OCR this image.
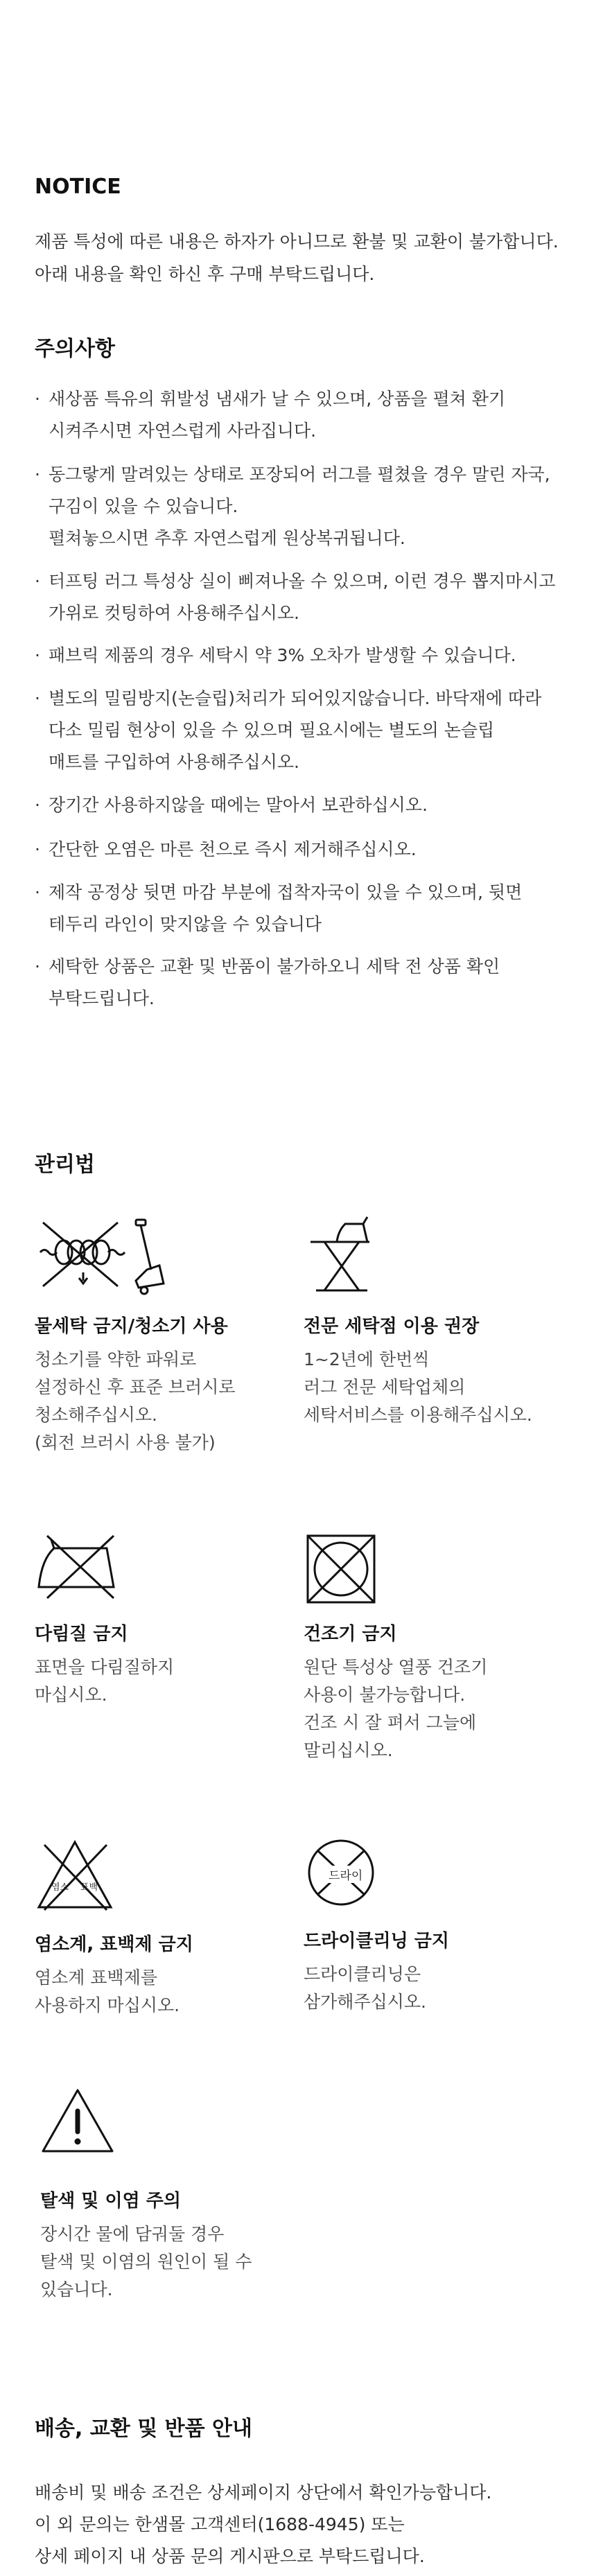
NOTICE

제품 특성에 따른 내용은 하자가 아니므로 환불 및 교환이 불가합니다.
아래 내용을 확인 하신 후 구매 부탁드립니다.

주의사항
· 새상품 특유의 휘발성 냄새가 날 수 있으며, 상품을 펼쳐 환기
시켜주시면 자연스럽게 사라집니다.
· 동그랗게 말려있는 상태로 포장되어 러그를 펼쳤을 경우 말린 자국,
구김이 있을 수 있습니다.
펼쳐놓으시면 추후 자연스럽게 원상복귀됩니다.
· 터프팅 러그 특성상 실이 삐져나올 수 있으며, 이런 경우 뽑지마시고
가위로 컷팅하여 사용해주십시오.
· 패브릭 제품의 경우 세탁시 약 3% 오차가 발생할 수 있습니다.
· 별도의 밀림방지(논슬립)처리가 되어있지않습니다. 바닥재에 따라
다소 밀림 현상이 있을 수 있으며 필요시에는 별도의 논슬립
매트를 구입하여 사용해주십시오.
· 장기간 사용하지않을 때에는 말아서 보관하십시오.
· 간단한 오염은 마른 천으로 즉시 제거해주십시오.
· 제작 공정상 뒷면 마감 부분에 접착자국이 있을 수 있으며, 뒷면
테두리 라인이 맞지않을 수 있습니다
· 세탁한 상품은 교환 및 반품이 불가하오니 세탁 전 상품 확인
부탁드립니다.
관리법

물세탁 금지/청소기 사용

청소기를 약한 파워로
설정하신 후 표준 브러시로
청소해주십시오.
(회전 브러시 사용 불가)

전문 세탁점 이용 권장

1~2년에 한번씩
러그 전문 세탁업체의
세탁서비스를 이용해주십시오.

다림질 금지

표면을 다림질하지
마십시오.

건조기 금지

원단 특성상 열풍 건조기
사용이 불가능합니다.
건조 시 잘 펴서 그늘에
말리십시오.

염소 표백

염소계, 표백제 금지

염소계 표백제를
사용하지 마십시오.

드라이

드라이클리닝 금지

드라이클리닝은
삼가해주십시오.

탈색 및 이염 주의

장시간 물에 담궈둘 경우
탈색 및 이염의 원인이 될 수
있습니다.

배송, 교환 및 반품 안내

배송비 및 배송 조건은 상세페이지 상단에서 확인가능합니다.
이 외 문의는 한샘몰 고객센터(1688-4945) 또는
상세 페이지 내 상품 문의 게시판으로 부탁드립니다.
